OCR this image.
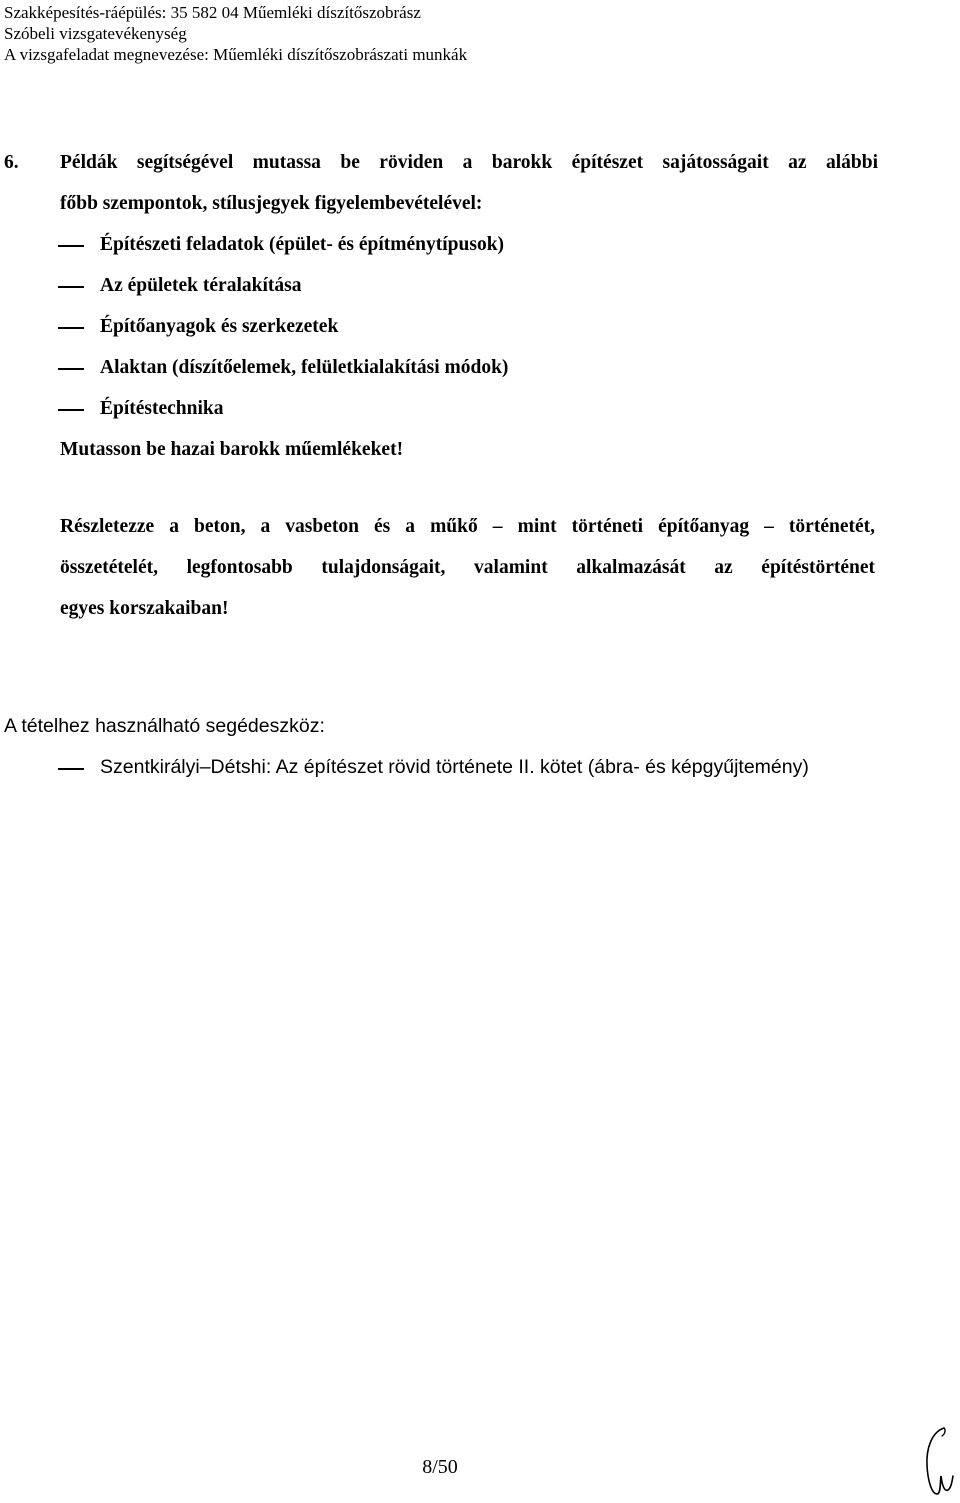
Szakképesítés-ráépülés: 35 582 04 Műemléki díszítőszobrász
Szóbeli vizsgatevékenység
A vizsgafeladat megnevezése: Műemléki díszítőszobrászati munkák
6. Példák segítségével mutassa be röviden a barokk építészet sajátosságait az alábbi
főbb szempontok, stílusjegyek figyelembevételével:
Építészeti feladatok (épület- és építménytípusok)
Az épületek téralakítása
Építőanyagok és szerkezetek
Alaktan (díszítőelemek, felületkialakítási módok)
Építéstechnika
Mutasson be hazai barokk műemlékeket!
Részletezze a beton, a vasbeton és a műkő – mint történeti építőanyag – történetét,
összetételét, legfontosabb tulajdonságait, valamint alkalmazását az építéstörténet
egyes korszakaiban!
A tételhez használható segédeszköz:
Szentkirályi–Détshi: Az építészet rövid története II. kötet (ábra- és képgyűjtemény)
8/50
